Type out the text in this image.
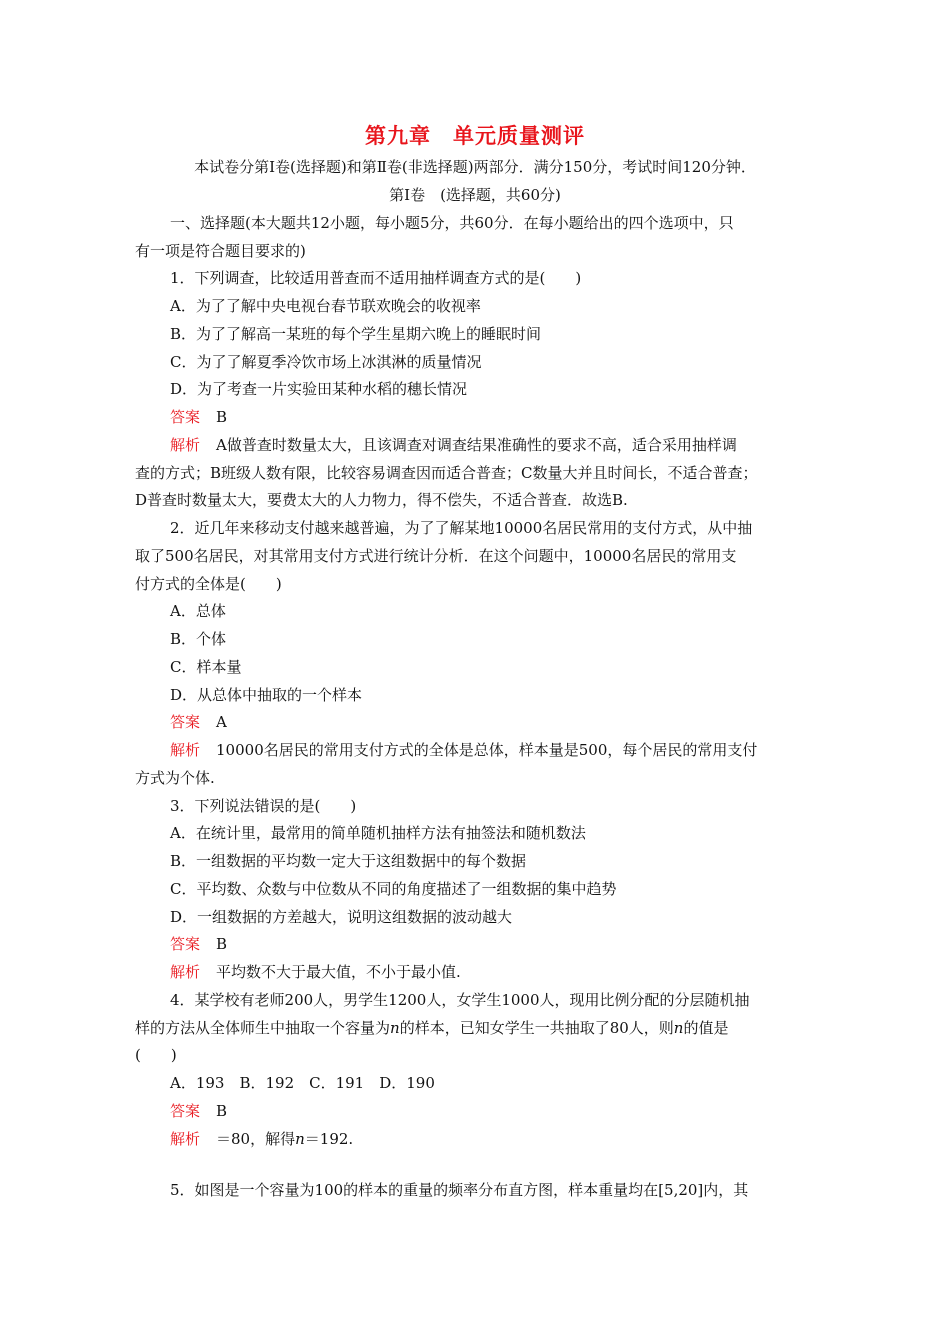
第九章　单元质量测评
本试卷分第Ⅰ卷(选择题)和第Ⅱ卷(非选择题)两部分．满分150分，考试时间120分钟．
第Ⅰ卷　(选择题，共60分)
一、选择题(本大题共12小题，每小题5分，共60分．在每小题给出的四个选项中，只
有一项是符合题目要求的)
1．下列调查，比较适用普查而不适用抽样调查方式的是(　　)
A．为了了解中央电视台春节联欢晚会的收视率
B．为了了解高一某班的每个学生星期六晚上的睡眠时间
C．为了了解夏季冷饮市场上冰淇淋的质量情况
D．为了考查一片实验田某种水稻的穗长情况
答案 B
解析 A做普查时数量太大，且该调查对调查结果准确性的要求不高，适合采用抽样调
查的方式；B班级人数有限，比较容易调查因而适合普查；C数量大并且时间长，不适合普查；
D普查时数量太大，要费太大的人力物力，得不偿失，不适合普查．故选B.
2．近几年来移动支付越来越普遍，为了了解某地10000名居民常用的支付方式，从中抽
取了500名居民，对其常用支付方式进行统计分析．在这个问题中，10000名居民的常用支
付方式的全体是(　　)
A．总体
B．个体
C．样本量
D．从总体中抽取的一个样本
答案 A
解析 10000名居民的常用支付方式的全体是总体，样本量是500，每个居民的常用支付
方式为个体.
3．下列说法错误的是(　　)
A．在统计里，最常用的简单随机抽样方法有抽签法和随机数法
B．一组数据的平均数一定大于这组数据中的每个数据
C．平均数、众数与中位数从不同的角度描述了一组数据的集中趋势
D．一组数据的方差越大，说明这组数据的波动越大
答案 B
解析 平均数不大于最大值，不小于最小值.
4．某学校有老师200人，男学生1200人，女学生1000人，现用比例分配的分层随机抽
样的方法从全体师生中抽取一个容量为n的样本，已知女学生一共抽取了80人，则n的值是
(　　)
A．193　B．192　C．191　D．190
答案 B
解析 ＝80，解得n＝192.
5．如图是一个容量为100的样本的重量的频率分布直方图，样本重量均在[5,20]内，其
